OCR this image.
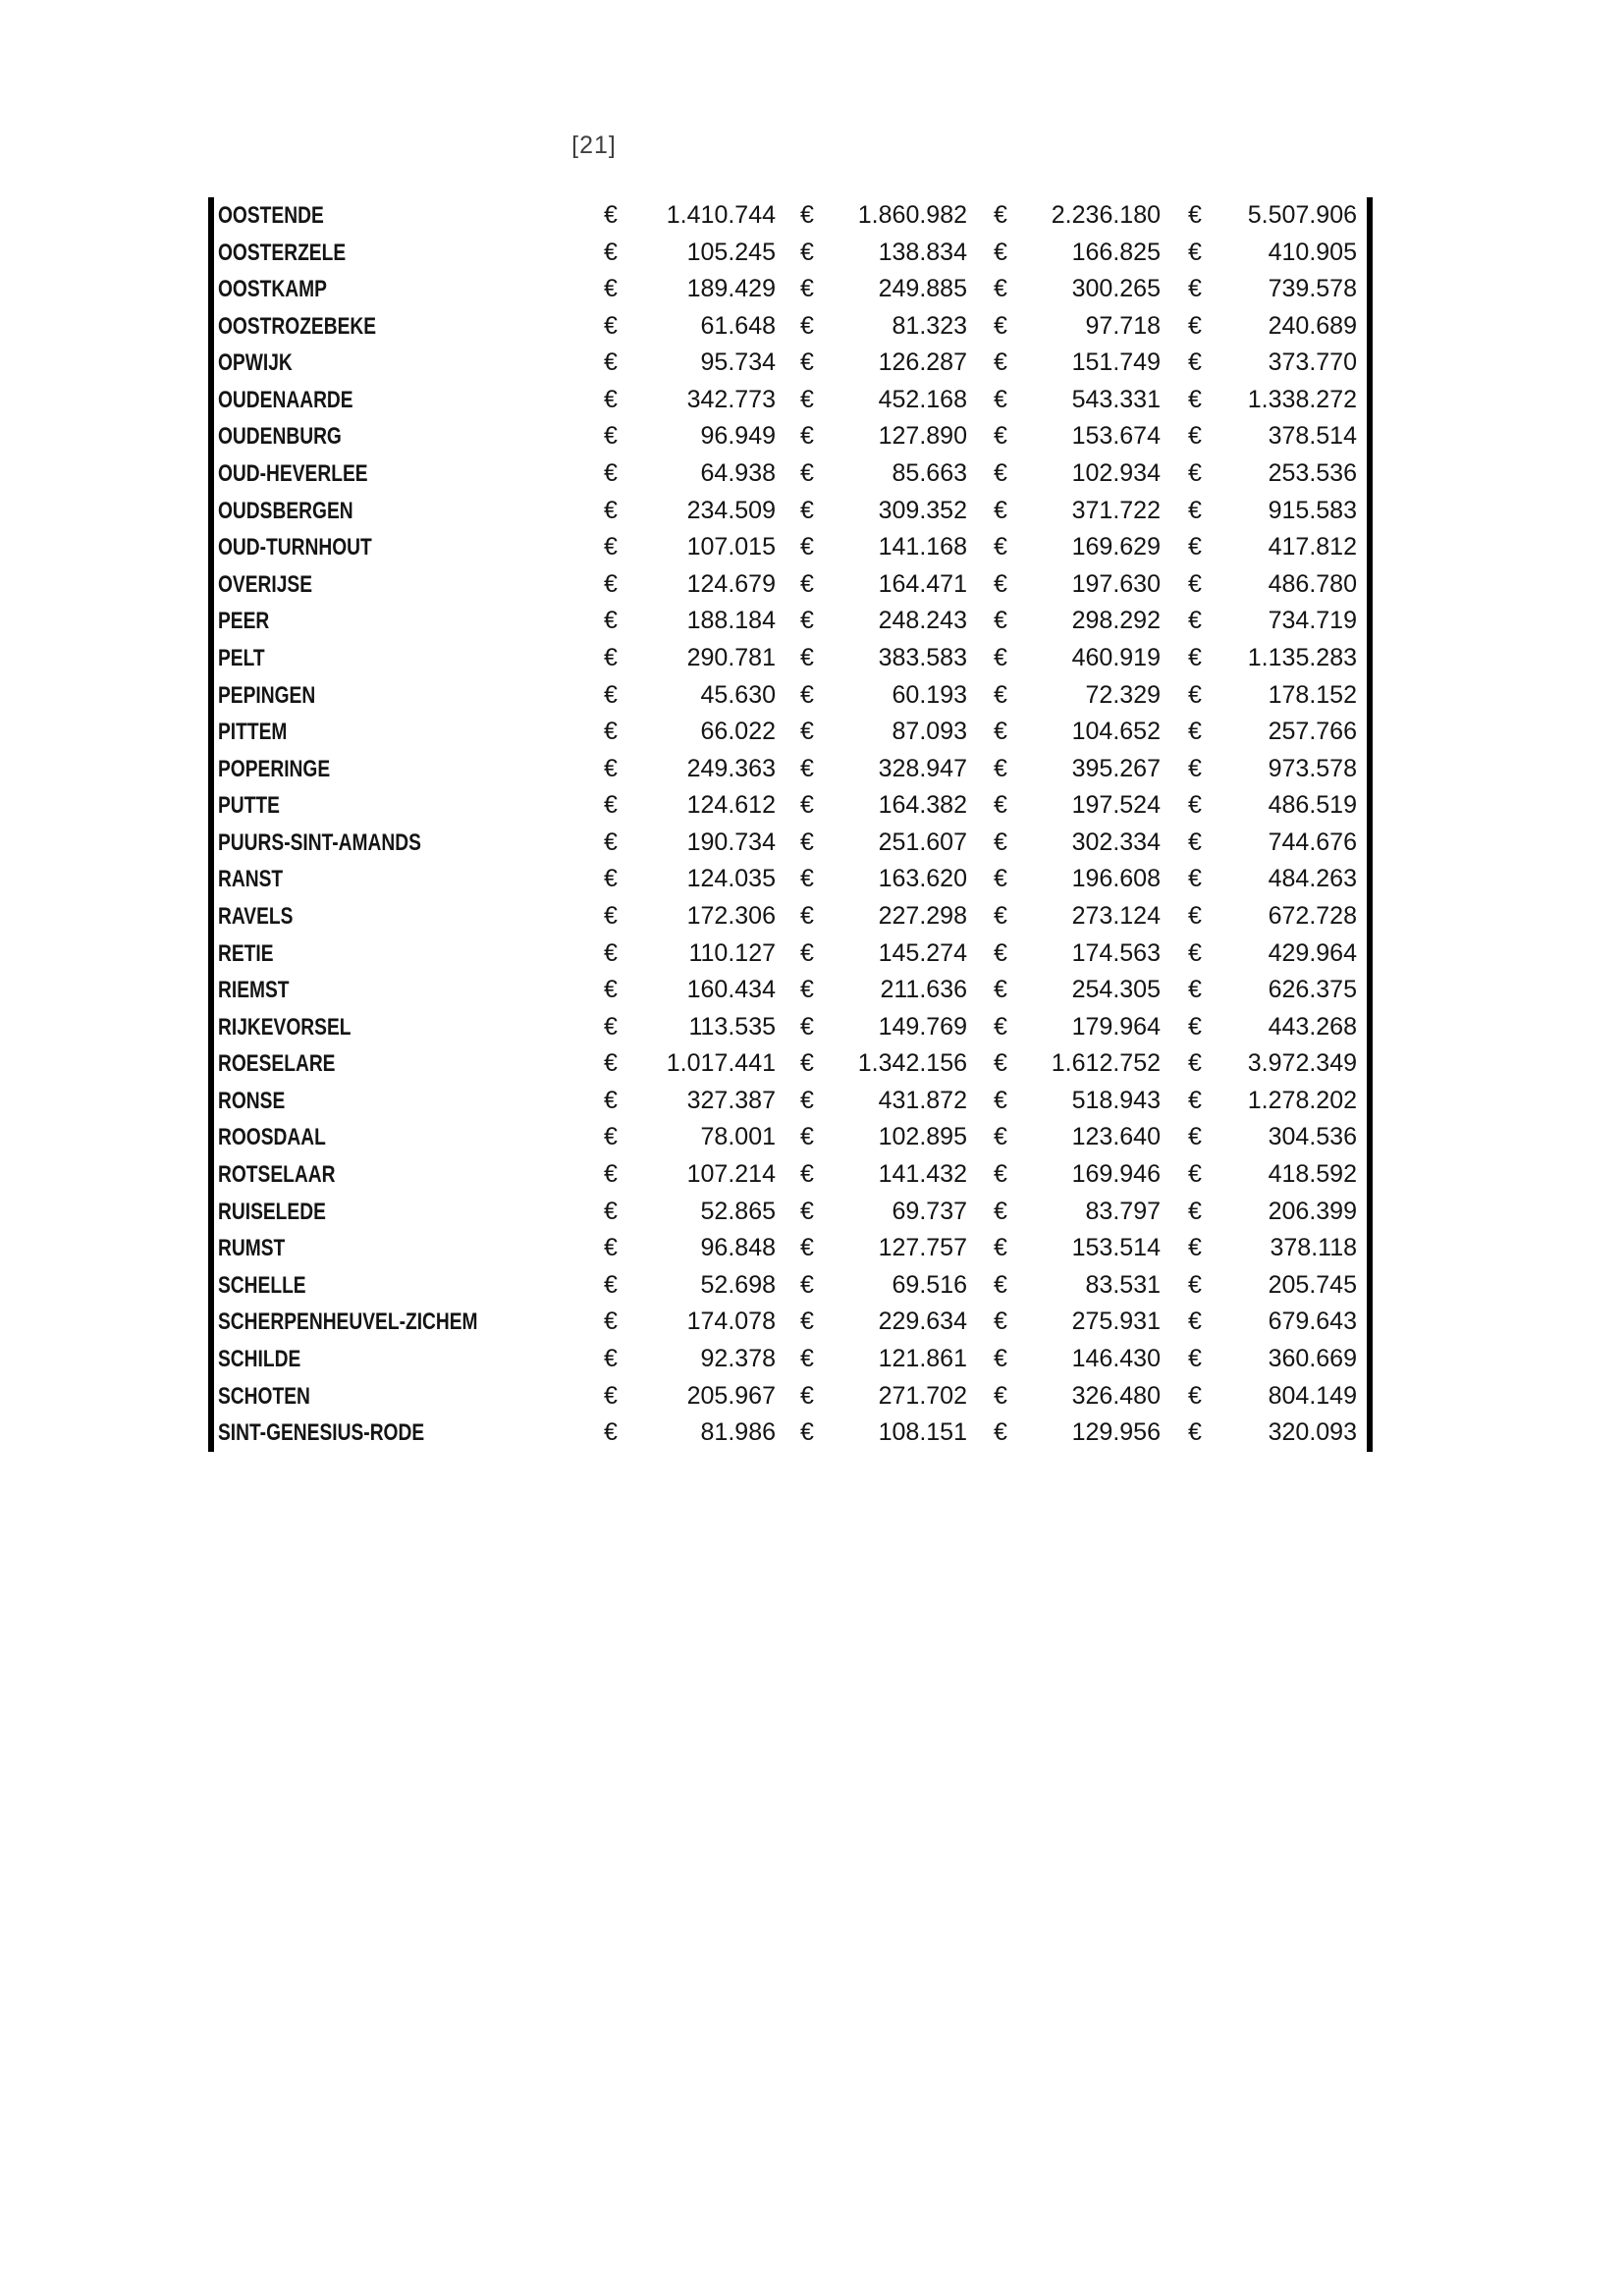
[21]
OOSTENDE	€	1.410.744 €	1.860.982 €	2.236.180 €	5.507.906
OOSTERZELE	€	105.245 €	138.834 €	166.825 €	410.905
OOSTKAMP	€	189.429 €	249.885 €	300.265 €	739.578
OOSTROZEBEKE	€	61.648 €	81.323 €	97.718 €	240.689
OPWIJK	€	95.734 €	126.287 €	151.749 €	373.770
OUDENAARDE	€	342.773 €	452.168 €	543.331 €	1.338.272
OUDENBURG	€	96.949 €	127.890 €	153.674 €	378.514
OUD-HEVERLEE	€	64.938 €	85.663 €	102.934 €	253.536
OUDSBERGEN	€	234.509 €	309.352 €	371.722 €	915.583
OUD-TURNHOUT	€	107.015 €	141.168 €	169.629 €	417.812
OVERIJSE	€	124.679 €	164.471 €	197.630 €	486.780
PEER	€	188.184 €	248.243 €	298.292 €	734.719
PELT	€	290.781 €	383.583 €	460.919 €	1.135.283
PEPINGEN	€	45.630 €	60.193 €	72.329 €	178.152
PITTEM	€	66.022 €	87.093 €	104.652 €	257.766
POPERINGE	€	249.363 €	328.947 €	395.267 €	973.578
PUTTE	€	124.612 €	164.382 €	197.524 €	486.519
PUURS-SINT-AMANDS	€	190.734 €	251.607 €	302.334 €	744.676
RANST	€	124.035 €	163.620 €	196.608 €	484.263
RAVELS	€	172.306 €	227.298 €	273.124 €	672.728
RETIE	€	110.127 €	145.274 €	174.563 €	429.964
RIEMST	€	160.434 €	211.636 €	254.305 €	626.375
RIJKEVORSEL	€	113.535 €	149.769 €	179.964 €	443.268
ROESELARE	€	1.017.441 €	1.342.156 €	1.612.752 €	3.972.349
RONSE	€	327.387 €	431.872 €	518.943 €	1.278.202
ROOSDAAL	€	78.001 €	102.895 €	123.640 €	304.536
ROTSELAAR	€	107.214 €	141.432 €	169.946 €	418.592
RUISELEDE	€	52.865 €	69.737 €	83.797 €	206.399
RUMST	€	96.848 €	127.757 €	153.514 €	378.118
SCHELLE	€	52.698 €	69.516 €	83.531 €	205.745
SCHERPENHEUVEL-ZICHEM	€	174.078 €	229.634 €	275.931 €	679.643
SCHILDE	€	92.378 €	121.861 €	146.430 €	360.669
SCHOTEN	€	205.967 €	271.702 €	326.480 €	804.149
SINT-GENESIUS-RODE	€	81.986 €	108.151 €	129.956 €	320.093
